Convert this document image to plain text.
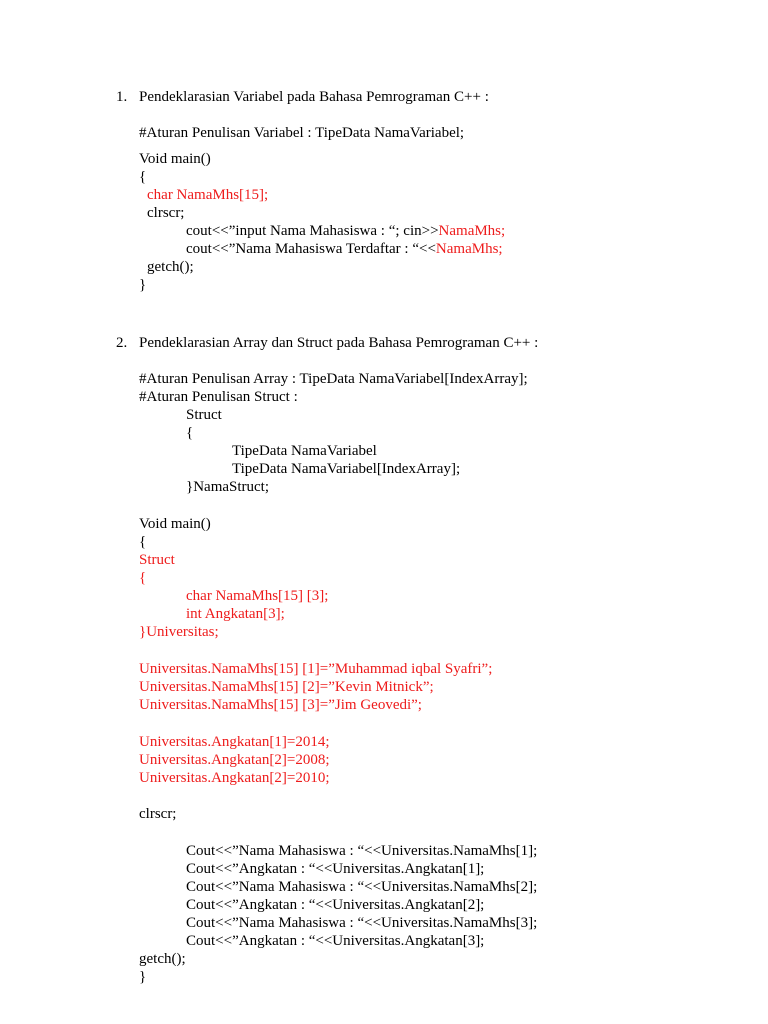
1. Pendeklarasian Variabel pada Bahasa Pemrograman C++ :
#Aturan Penulisan Variabel : TipeData NamaVariabel;
Void main()
{
char NamaMhs[15];
clrscr;
cout<<”input Nama Mahasiswa : “; cin>>NamaMhs;
cout<<”Nama Mahasiswa Terdaftar : “<<NamaMhs;
getch();
}
2. Pendeklarasian Array dan Struct pada Bahasa Pemrograman C++ :
#Aturan Penulisan Array : TipeData NamaVariabel[IndexArray];
#Aturan Penulisan Struct :
Struct
{
TipeData NamaVariabel
TipeData NamaVariabel[IndexArray];
}NamaStruct;
Void main()
{
Struct
{
char NamaMhs[15] [3];
int Angkatan[3];
}Universitas;
Universitas.NamaMhs[15] [1]=”Muhammad iqbal Syafri”;
Universitas.NamaMhs[15] [2]=”Kevin Mitnick”;
Universitas.NamaMhs[15] [3]=”Jim Geovedi”;
Universitas.Angkatan[1]=2014;
Universitas.Angkatan[2]=2008;
Universitas.Angkatan[2]=2010;
clrscr;
Cout<<”Nama Mahasiswa : “<<Universitas.NamaMhs[1];
Cout<<”Angkatan : “<<Universitas.Angkatan[1];
Cout<<”Nama Mahasiswa : “<<Universitas.NamaMhs[2];
Cout<<”Angkatan : “<<Universitas.Angkatan[2];
Cout<<”Nama Mahasiswa : “<<Universitas.NamaMhs[3];
Cout<<”Angkatan : “<<Universitas.Angkatan[3];
getch();
}
